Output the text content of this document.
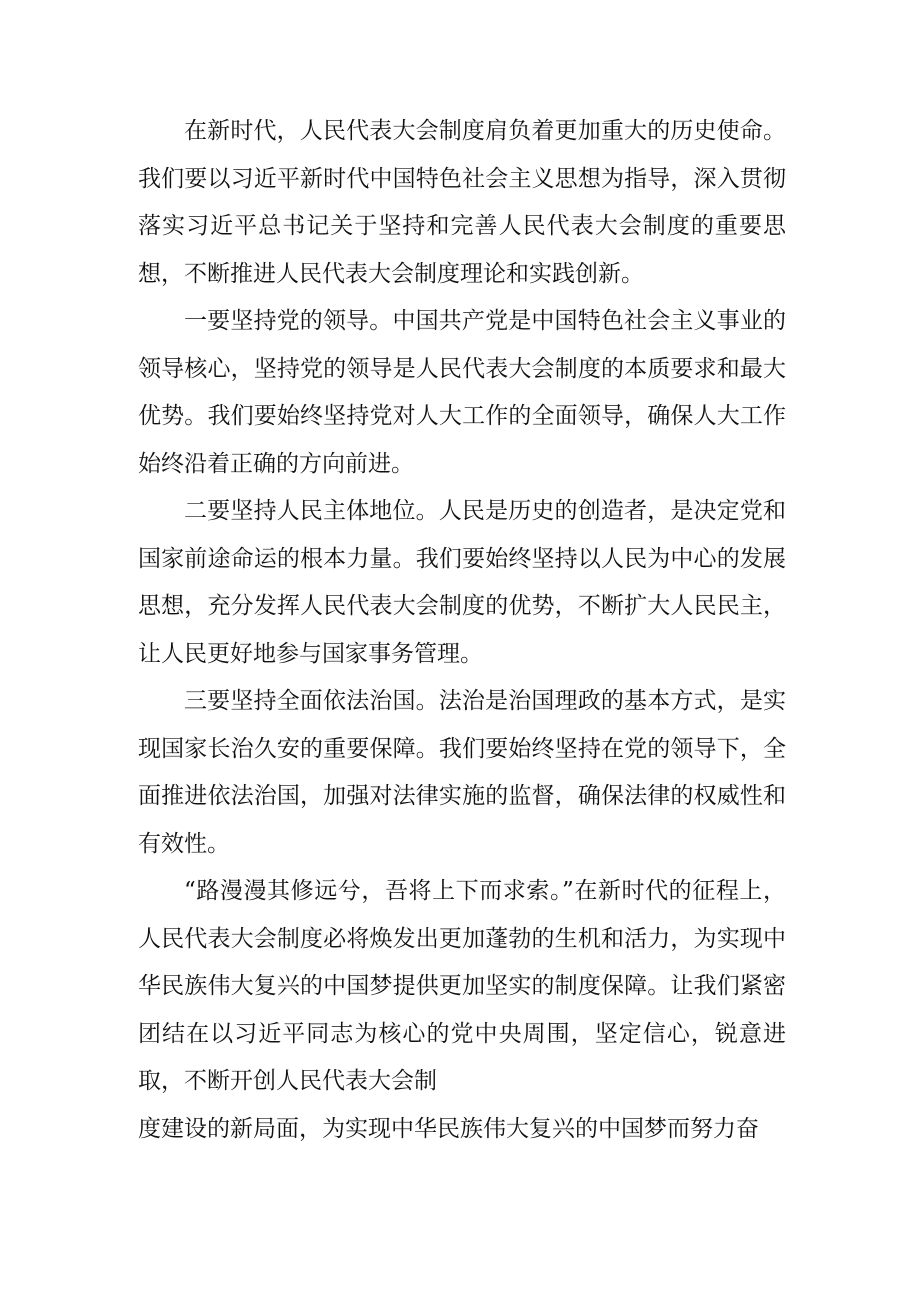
在新时代，人民代表大会制度肩负着更加重大的历史使命。我们要以习近平新时代中国特色社会主义思想为指导，深入贯彻落实习近平总书记关于坚持和完善人民代表大会制度的重要思想，不断推进人民代表大会制度理论和实践创新。

一要坚持党的领导。中国共产党是中国特色社会主义事业的领导核心，坚持党的领导是人民代表大会制度的本质要求和最大优势。我们要始终坚持党对人大工作的全面领导，确保人大工作始终沿着正确的方向前进。

二要坚持人民主体地位。人民是历史的创造者，是决定党和国家前途命运的根本力量。我们要始终坚持以人民为中心的发展思想，充分发挥人民代表大会制度的优势，不断扩大人民民主，让人民更好地参与国家事务管理。

三要坚持全面依法治国。法治是治国理政的基本方式，是实现国家长治久安的重要保障。我们要始终坚持在党的领导下，全面推进依法治国，加强对法律实施的监督，确保法律的权威性和有效性。

“路漫漫其修远兮，吾将上下而求索。”在新时代的征程上，人民代表大会制度必将焕发出更加蓬勃的生机和活力，为实现中华民族伟大复兴的中国梦提供更加坚实的制度保障。让我们紧密团结在以习近平同志为核心的党中央周围，坚定信心，锐意进取，不断开创人民代表大会制

度建设的新局面，为实现中华民族伟大复兴的中国梦而努力奋
